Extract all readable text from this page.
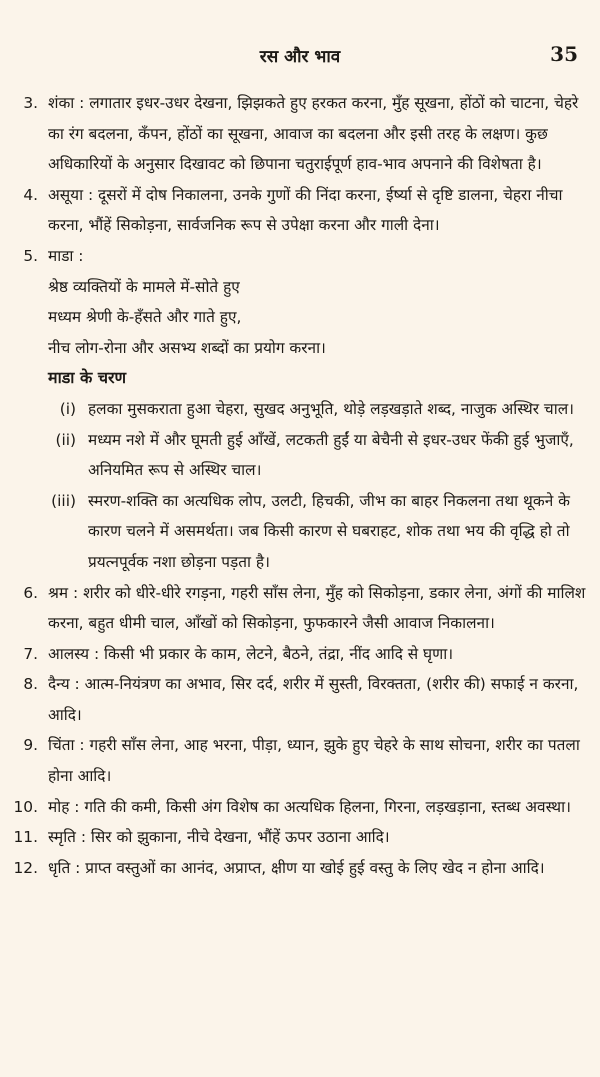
रस और भाव	35
3. शंका : लगातार इधर-उधर देखना, झिझकते हुए हरकत करना, मुँह सूखना, होंठों को चाटना, चेहरे का रंग बदलना, कँपन, होंठों का सूखना, आवाज का बदलना और इसी तरह के लक्षण। कुछ अधिकारियों के अनुसार दिखावट को छिपाना चतुराईपूर्ण हाव-भाव अपनाने की विशेषता है।
4. असूया : दूसरों में दोष निकालना, उनके गुणों की निंदा करना, ईर्ष्या से दृष्टि डालना, चेहरा नीचा करना, भौंहें सिकोड़ना, सार्वजनिक रूप से उपेक्षा करना और गाली देना।
5. माडा :
श्रेष्ठ व्यक्तियों के मामले में-सोते हुए
मध्यम श्रेणी के-हँसते और गाते हुए,
नीच लोग-रोना और असभ्य शब्दों का प्रयोग करना।
माडा के चरण
(i) हलका मुसकराता हुआ चेहरा, सुखद अनुभूति, थोड़े लड़खड़ाते शब्द, नाजुक अस्थिर चाल।
(ii) मध्यम नशे में और घूमती हुई आँखें, लटकती हुईं या बेचैनी से इधर-उधर फेंकी हुई भुजाएँ, अनियमित रूप से अस्थिर चाल।
(iii) स्मरण-शक्ति का अत्यधिक लोप, उलटी, हिचकी, जीभ का बाहर निकलना तथा थूकने के कारण चलने में असमर्थता। जब किसी कारण से घबराहट, शोक तथा भय की वृद्धि हो तो प्रयत्नपूर्वक नशा छोड़ना पड़ता है।
6. श्रम : शरीर को धीरे-धीरे रगड़ना, गहरी साँस लेना, मुँह को सिकोड़ना, डकार लेना, अंगों की मालिश करना, बहुत धीमी चाल, आँखों को सिकोड़ना, फुफकारने जैसी आवाज निकालना।
7. आलस्य : किसी भी प्रकार के काम, लेटने, बैठने, तंद्रा, नींद आदि से घृणा।
8. दैन्य : आत्म-नियंत्रण का अभाव, सिर दर्द, शरीर में सुस्ती, विरक्तता, (शरीर की) सफाई न करना, आदि।
9. चिंता : गहरी साँस लेना, आह भरना, पीड़ा, ध्यान, झुके हुए चेहरे के साथ सोचना, शरीर का पतला होना आदि।
10. मोह : गति की कमी, किसी अंग विशेष का अत्यधिक हिलना, गिरना, लड़खड़ाना, स्तब्ध अवस्था।
11. स्मृति : सिर को झुकाना, नीचे देखना, भौंहें ऊपर उठाना आदि।
12. धृति : प्राप्त वस्तुओं का आनंद, अप्राप्त, क्षीण या खोई हुई वस्तु के लिए खेद न होना आदि।
